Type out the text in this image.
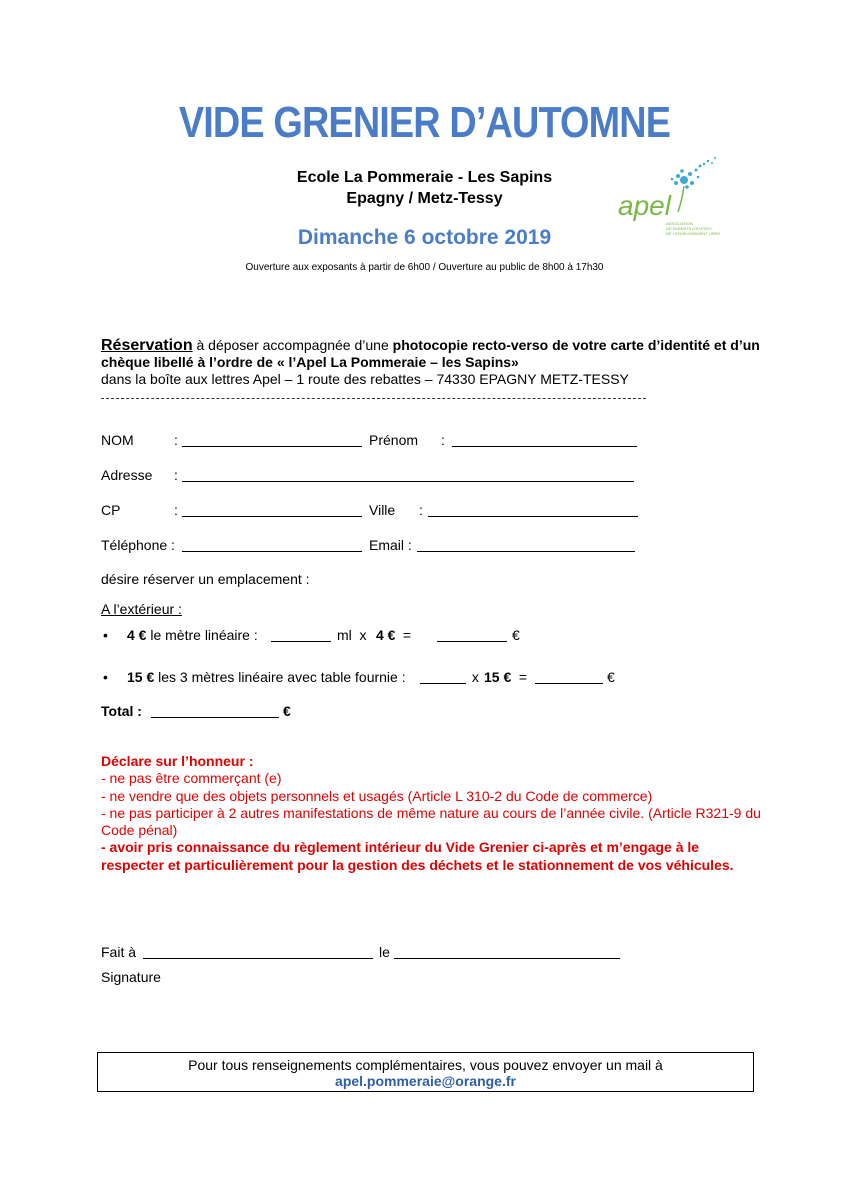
VIDE GRENIER D’AUTOMNE
Ecole La Pommeraie - Les Sapins
Epagny / Metz-Tessy	apel
ASSOCIATION
DE PARENTS D’ÉLÈVES
DE L’ENSEIGNEMENT LIBRE
Dimanche 6 octobre 2019
Ouverture aux exposants à partir de 6h00 / Ouverture au public de 8h00 à 17h30
Réservation à déposer accompagnée d’une photocopie recto-verso de votre carte d’identité et d’un chèque libellé à l’ordre de « l’Apel La Pommeraie – les Sapins»
dans la boîte aux lettres Apel – 1 route des rebattes – 74330 EPAGNY METZ-TESSY
NOM	:	Prénom :
Adresse :
CP	:	Ville :
Téléphone :	Email :
désire réserver un emplacement :
A l’extérieur :
• 4 € le mètre linéaire :	ml  x 4 € =	€
• 15 € les 3 mètres linéaire avec table fournie :	x 15 € =	€
Total :	€
Déclare sur l’honneur :
- ne pas être commerçant (e)
- ne vendre que des objets personnels et usagés (Article L 310-2 du Code de commerce)
- ne pas participer à 2 autres manifestations de même nature au cours de l’année civile. (Article R321-9 du Code pénal)
- avoir pris connaissance du règlement intérieur du Vide Grenier ci-après et m’engage à le respecter et particulièrement pour la gestion des déchets et le stationnement de vos véhicules.
Fait à	le
Signature
Pour tous renseignements complémentaires, vous pouvez envoyer un mail à
apel.pommeraie@orange.fr
